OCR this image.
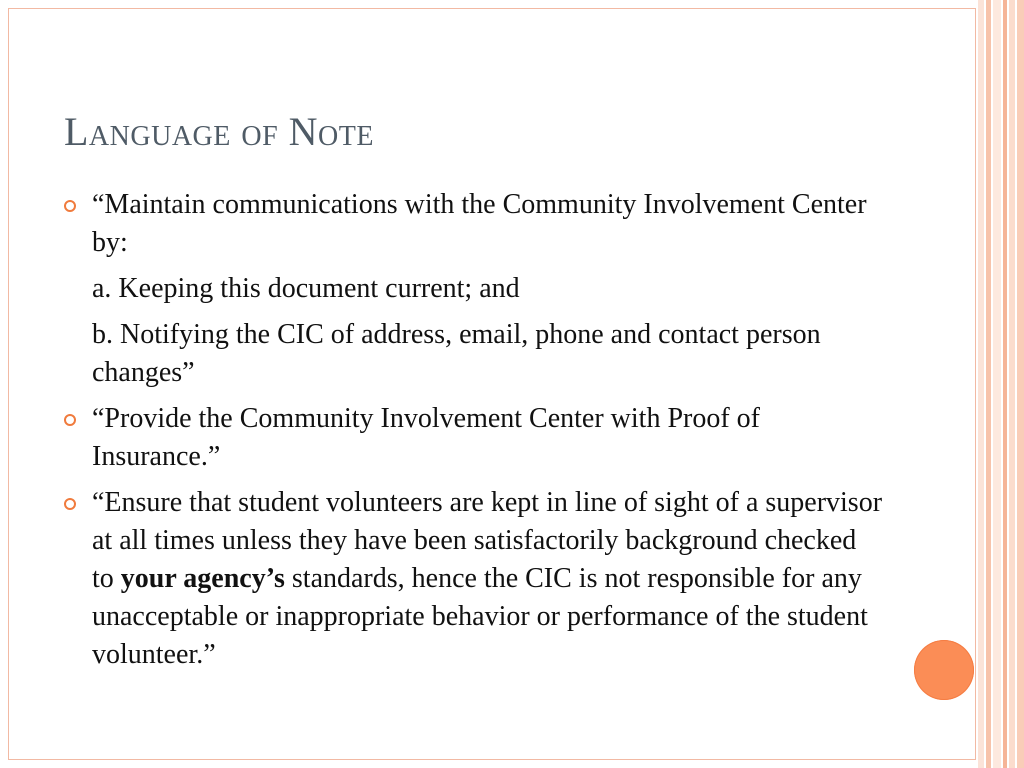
Language of Note
“Maintain communications with the Community Involvement Center by:
a. Keeping this document current; and
b. Notifying the CIC of address, email, phone and contact person changes”
“Provide the Community Involvement Center with Proof of Insurance.”
“Ensure that student volunteers are kept in line of sight of a supervisor at all times unless they have been satisfactorily background checked to your agency’s standards, hence the CIC is not responsible for any unacceptable or inappropriate behavior or performance of the student volunteer.”
